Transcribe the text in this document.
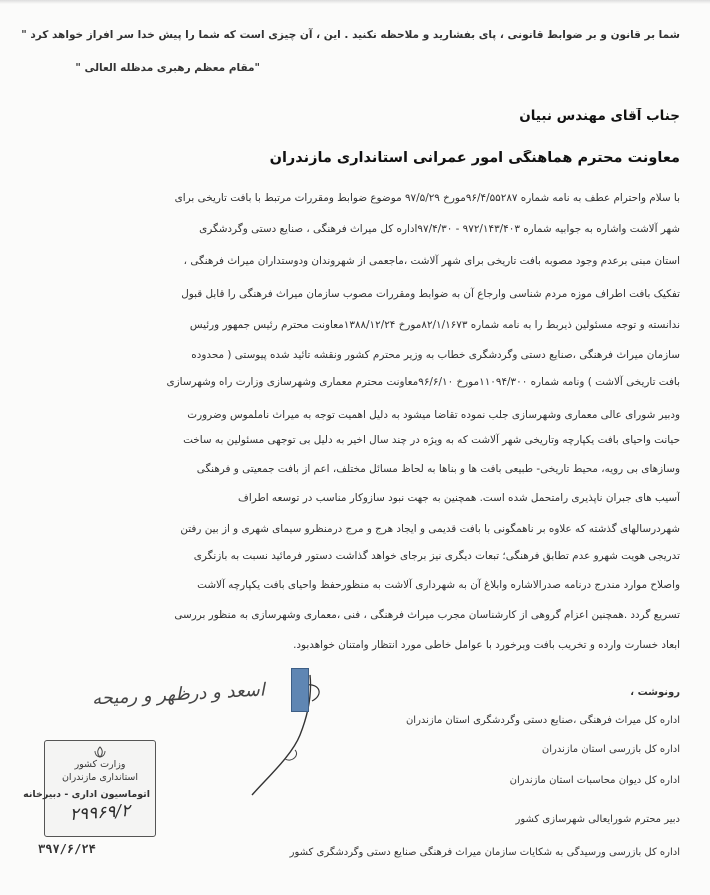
شما بر قانون و بر ضوابط قانونی ، پای بفشارید و ملاحظه نکنید . این ، آن چیزی است که شما را پیش خدا سر افراز خواهد کرد "
"مقام معظم رهبری مدظله العالی "
جناب آقای مهندس نبیان
معاونت محترم هماهنگی امور عمرانی استانداری مازندران
با سلام واحترام عطف به نامه شماره ۹۶/۴/۵۵۲۸۷مورخ ۹۷/۵/۲۹ موضوع ضوابط ومقررات مرتبط با بافت تاریخی برای
شهر آلاشت واشاره به جوابیه شماره ۹۷۲/۱۴۳/۴۰۳ - ۹۷/۴/۳۰اداره کل میراث فرهنگی ، صنایع دستی وگردشگری
استان مبنی برعدم وجود مصوبه بافت تاریخی برای شهر آلاشت ،ماجعمی از شهروندان ودوستداران میراث فرهنگی ،
تفکیک بافت اطراف موزه مردم شناسی وارجاع آن به ضوابط ومقررات مصوب سازمان میراث فرهنگی را قابل قبول
ندانسته و توجه مسئولین ذیربط را به نامه شماره ۸۲/۱/۱۶۷۳مورخ ۱۳۸۸/۱۲/۲۴معاونت محترم رئیس جمهور ورئیس
سازمان میراث فرهنگی ،صنایع دستی وگردشگری خطاب به وزیر محترم کشور ونقشه تائید شده پیوستی ( محدوده
بافت تاریخی آلاشت ) ونامه شماره ۱۱۰۹۴/۳۰۰مورخ ۹۶/۶/۱۰معاونت محترم معماری وشهرسازی وزارت راه وشهرسازی
ودبیر شورای عالی معماری وشهرسازی جلب نموده تقاضا میشود به دلیل اهمیت توجه به میراث ناملموس وضرورت
حیانت واحیای بافت یکپارچه وتاریخی شهر آلاشت که به ویژه در چند سال اخیر به دلیل بی توجهی مسئولین به ساخت
وسازهای بی رویه، محیط تاریخی- طبیعی بافت ها و بناها به لحاظ مسائل مختلف، اعم از بافت جمعیتی و فرهنگی
آسیب های جبران ناپذیری رامتحمل شده است. همچنین به جهت نبود سازوکار مناسب در توسعه اطراف
شهردرسالهای گذشته که علاوه بر ناهمگونی با بافت قدیمی و ایجاد هرج و مرج درمنظرو سیمای شهری و از بین رفتن
تدریجی هویت شهرو عدم تطابق فرهنگی؛ تبعات دیگری نیز برجای خواهد گذاشت دستور فرمائید نسبت به بازنگری
واصلاح موارد مندرج درنامه صدرالاشاره وابلاغ آن به شهرداری آلاشت به منظورحفظ واحیای بافت یکپارچه آلاشت
تسریع گردد .همچنین اعزام گروهی از کارشناسان مجرب میراث فرهنگی ، فنی ،معماری وشهرسازی به منظور بررسی
ابعاد خسارت وارده و تخریب بافت وبرخورد با عوامل خاطی مورد انتظار وامتنان خواهدبود.
اسعد و درظهر و رمیحه	رونوشت ،
اداره کل میراث فرهنگی ،صنایع دستی وگردشگری استان مازندران
اداره کل بازرسی استان مازندران
اداره کل دیوان محاسبات استان مازندران
دبیر محترم شورایعالی شهرسازی کشور
اداره کل بازرسی ورسیدگی به شکایات سازمان میراث فرهنگی صنایع دستی وگردشگری کشور
وزارت کشور
استانداری مازندران
اتوماسیون اداری - دبیرخانه
۲۹۹۶۹/۲
۳۹۷/۶/۲۴
